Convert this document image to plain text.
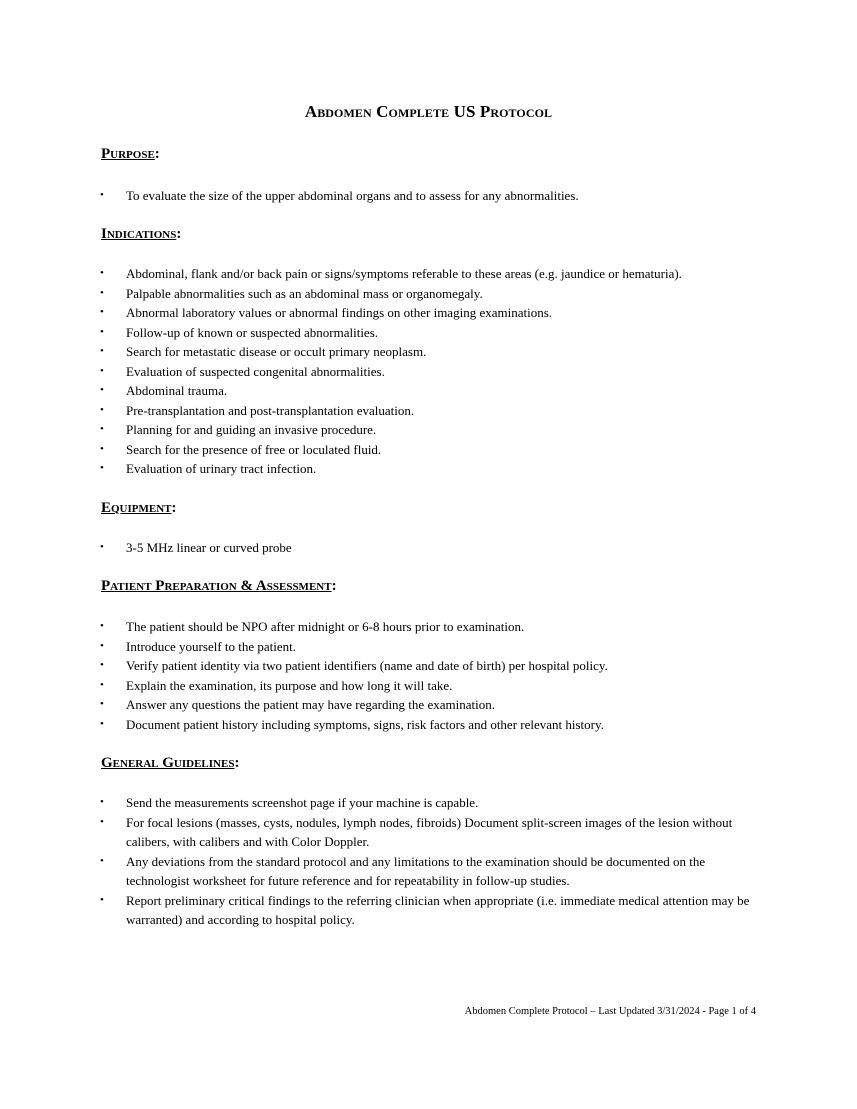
Abdomen Complete US Protocol
Purpose:
• To evaluate the size of the upper abdominal organs and to assess for any abnormalities.
Indications:
• Abdominal, flank and/or back pain or signs/symptoms referable to these areas (e.g. jaundice or hematuria).
• Palpable abnormalities such as an abdominal mass or organomegaly.
• Abnormal laboratory values or abnormal findings on other imaging examinations.
• Follow-up of known or suspected abnormalities.
• Search for metastatic disease or occult primary neoplasm.
• Evaluation of suspected congenital abnormalities.
• Abdominal trauma.
• Pre-transplantation and post-transplantation evaluation.
• Planning for and guiding an invasive procedure.
• Search for the presence of free or loculated fluid.
• Evaluation of urinary tract infection.
Equipment:
• 3-5 MHz linear or curved probe
Patient Preparation & Assessment:
• The patient should be NPO after midnight or 6-8 hours prior to examination.
• Introduce yourself to the patient.
• Verify patient identity via two patient identifiers (name and date of birth) per hospital policy.
• Explain the examination, its purpose and how long it will take.
• Answer any questions the patient may have regarding the examination.
• Document patient history including symptoms, signs, risk factors and other relevant history.
General Guidelines:
• Send the measurements screenshot page if your machine is capable.
• For focal lesions (masses, cysts, nodules, lymph nodes, fibroids) Document split-screen images of the lesion without calibers, with calibers and with Color Doppler.
• Any deviations from the standard protocol and any limitations to the examination should be documented on the technologist worksheet for future reference and for repeatability in follow-up studies.
• Report preliminary critical findings to the referring clinician when appropriate (i.e. immediate medical attention may be warranted) and according to hospital policy.
Abdomen Complete Protocol – Last Updated 3/31/2024 - Page 1 of 4
